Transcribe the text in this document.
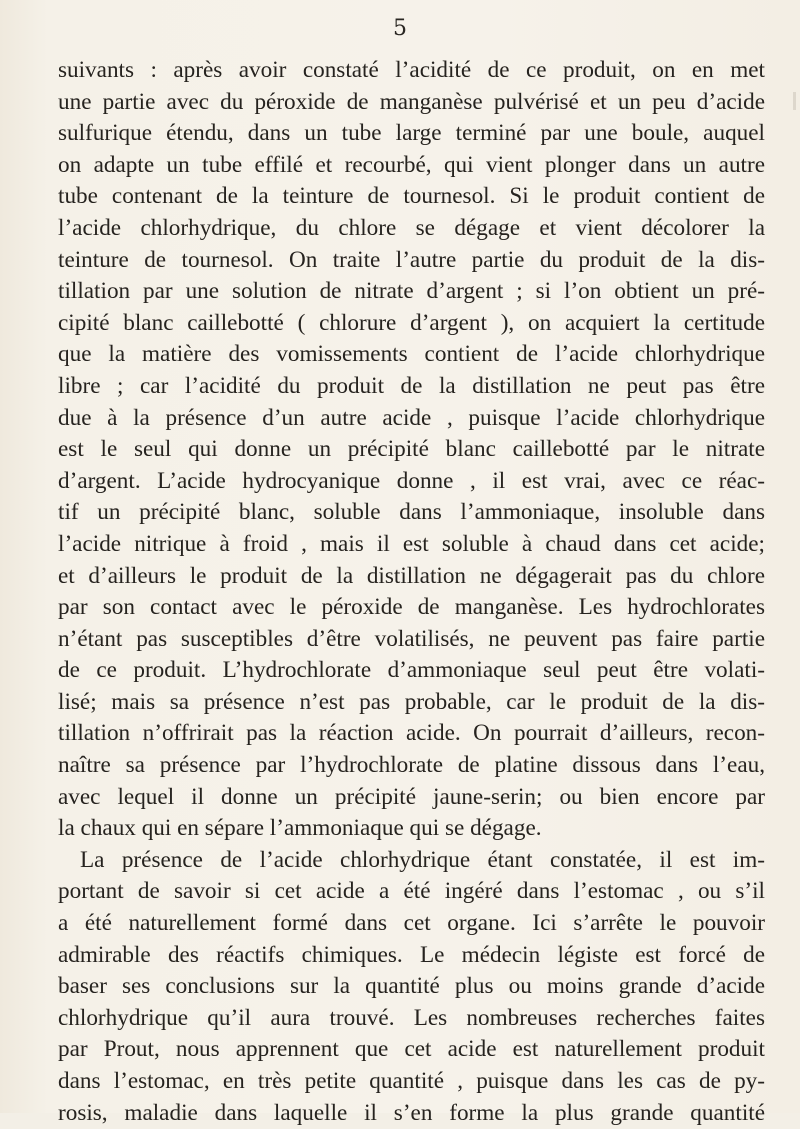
5
suivants : après avoir constaté l’acidité de ce produit, on en met
une partie avec du péroxide de manganèse pulvérisé et un peu d’acide
sulfurique étendu, dans un tube large terminé par une boule, auquel
on adapte un tube effilé et recourbé, qui vient plonger dans un autre
tube contenant de la teinture de tournesol. Si le produit contient de
l’acide chlorhydrique, du chlore se dégage et vient décolorer la
teinture de tournesol. On traite l’autre partie du produit de la dis-
tillation par une solution de nitrate d’argent ; si l’on obtient un pré-
cipité blanc caillebotté ( chlorure d’argent ), on acquiert la certitude
que la matière des vomissements contient de l’acide chlorhydrique
libre ; car l’acidité du produit de la distillation ne peut pas être
due à la présence d’un autre acide , puisque l’acide chlorhydrique
est le seul qui donne un précipité blanc caillebotté par le nitrate
d’argent. L’acide hydrocyanique donne , il est vrai, avec ce réac-
tif un précipité blanc, soluble dans l’ammoniaque, insoluble dans
l’acide nitrique à froid , mais il est soluble à chaud dans cet acide;
et d’ailleurs le produit de la distillation ne dégagerait pas du chlore
par son contact avec le péroxide de manganèse. Les hydrochlorates
n’étant pas susceptibles d’être volatilisés, ne peuvent pas faire partie
de ce produit. L’hydrochlorate d’ammoniaque seul peut être volati-
lisé; mais sa présence n’est pas probable, car le produit de la dis-
tillation n’offrirait pas la réaction acide. On pourrait d’ailleurs, recon-
naître sa présence par l’hydrochlorate de platine dissous dans l’eau,
avec lequel il donne un précipité jaune-serin; ou bien encore par
la chaux qui en sépare l’ammoniaque qui se dégage.
La présence de l’acide chlorhydrique étant constatée, il est im-
portant de savoir si cet acide a été ingéré dans l’estomac , ou s’il
a été naturellement formé dans cet organe. Ici s’arrête le pouvoir
admirable des réactifs chimiques. Le médecin légiste est forcé de
baser ses conclusions sur la quantité plus ou moins grande d’acide
chlorhydrique qu’il aura trouvé. Les nombreuses recherches faites
par Prout, nous apprennent que cet acide est naturellement produit
dans l’estomac, en très petite quantité , puisque dans les cas de py-
rosis, maladie dans laquelle il s’en forme la plus grande quantité
